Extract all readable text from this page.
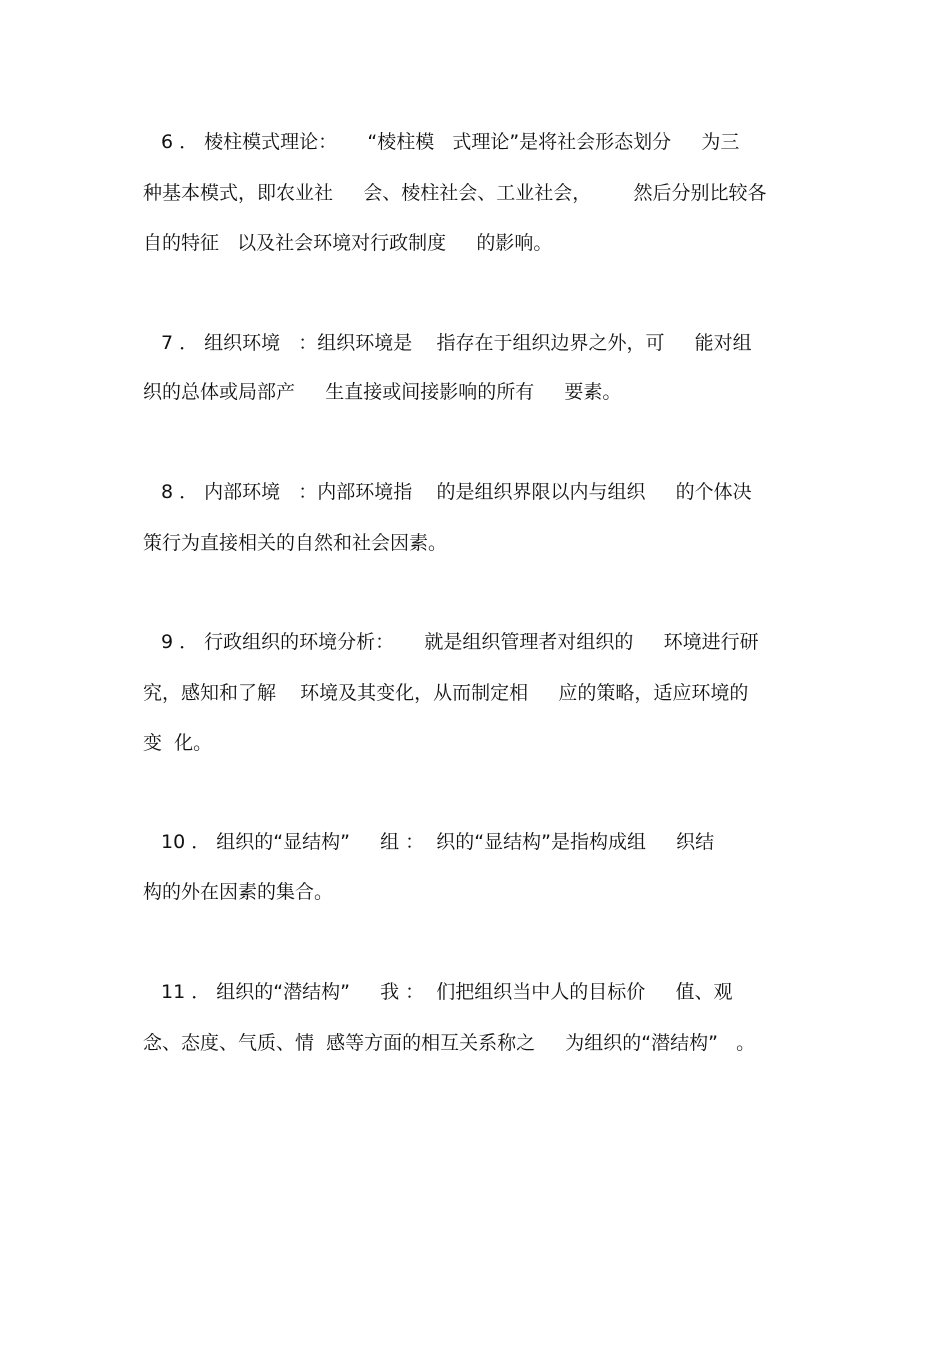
6 ． 棱柱模式理论：     “棱柱模   式理论”是将社会形态划分     为三
种基本模式，即农业社     会、棱柱社会、工业社会，       然后分别比较各
自的特征   以及社会环境对行政制度     的影响。
7 ． 组织环境   ：组织环境是    指存在于组织边界之外，可     能对组
织的总体或局部产     生直接或间接影响的所有     要素。
8 ． 内部环境   ：内部环境指    的是组织界限以内与组织     的个体决
策行为直接相关的自然和社会因素。
9 ． 行政组织的环境分析：     就是组织管理者对组织的     环境进行研
究，感知和了解    环境及其变化，从而制定相     应的策略，适应环境的
变  化。
10 ． 组织的“显结构”     组 ：  织的“显结构”是指构成组     织结
构的外在因素的集合。
11 ． 组织的“潜结构”     我 ：  们把组织当中人的目标价     值、观
念、态度、气质、情  感等方面的相互关系称之     为组织的“潜结构”   。
